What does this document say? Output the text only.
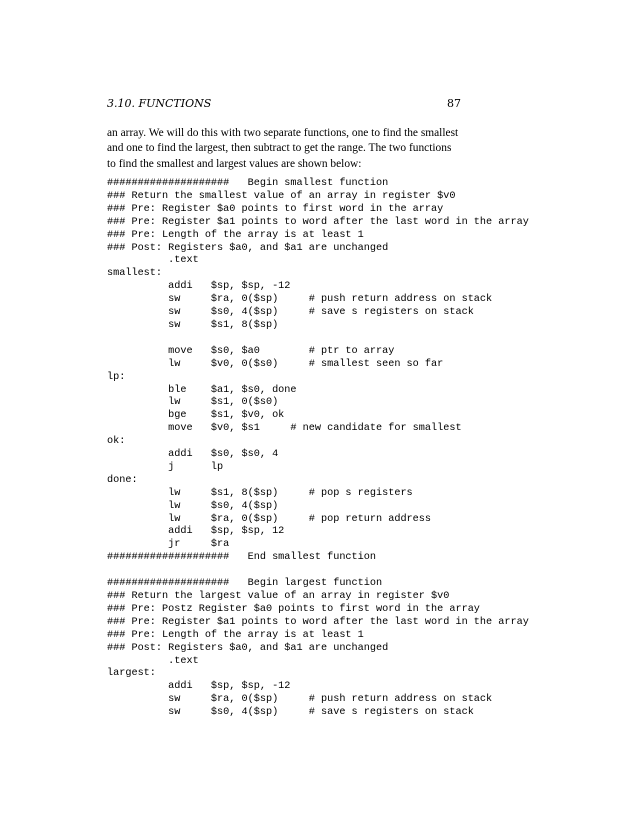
3.10. FUNCTIONS	87
an array. We will do this with two separate functions, one to find the smallest
and one to find the largest, then subtract to get the range. The two functions
to find the smallest and largest values are shown below:
####################   Begin smallest function
### Return the smallest value of an array in register $v0
### Pre: Register $a0 points to first word in the array
### Pre: Register $a1 points to word after the last word in the array
### Pre: Length of the array is at least 1
### Post: Registers $a0, and $a1 are unchanged
.text
smallest:
addi   $sp, $sp, -12
sw     $ra, 0($sp)     # push return address on stack
sw     $s0, 4($sp)     # save s registers on stack
sw     $s1, 8($sp)
move   $s0, $a0        # ptr to array
lw     $v0, 0($s0)     # smallest seen so far
lp:
ble    $a1, $s0, done
lw     $s1, 0($s0)
bge    $s1, $v0, ok
move   $v0, $s1     # new candidate for smallest
ok:
addi   $s0, $s0, 4
j      lp
done:
lw     $s1, 8($sp)     # pop s registers
lw     $s0, 4($sp)
lw     $ra, 0($sp)     # pop return address
addi   $sp, $sp, 12
jr     $ra
####################   End smallest function
####################   Begin largest function
### Return the largest value of an array in register $v0
### Pre: Postz Register $a0 points to first word in the array
### Pre: Register $a1 points to word after the last word in the array
### Pre: Length of the array is at least 1
### Post: Registers $a0, and $a1 are unchanged
.text
largest:
addi   $sp, $sp, -12
sw     $ra, 0($sp)     # push return address on stack
sw     $s0, 4($sp)     # save s registers on stack
